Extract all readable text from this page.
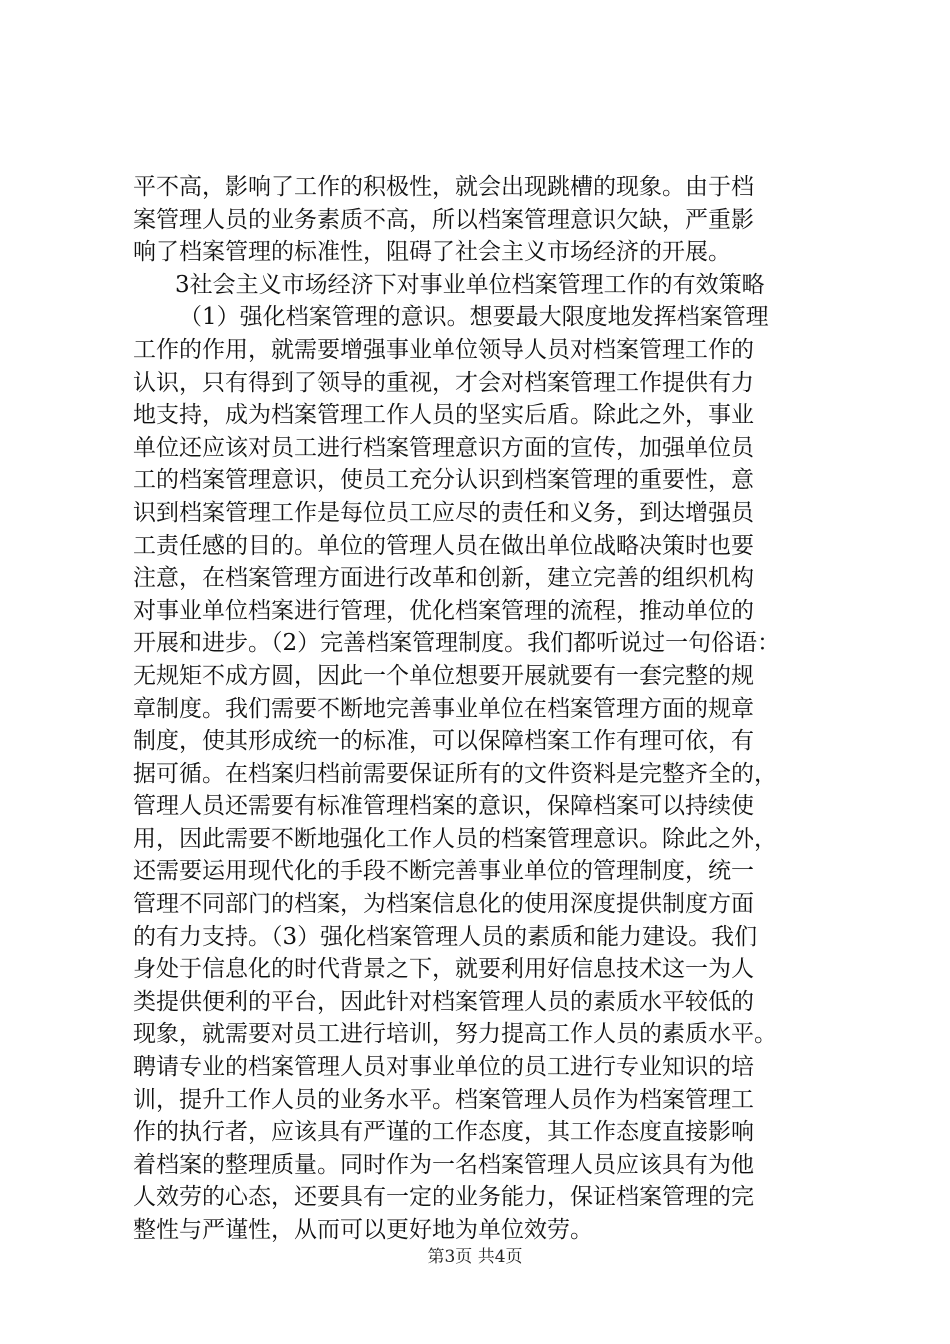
平不高，影响了工作的积极性，就会出现跳槽的现象。由于档
案管理人员的业务素质不高，所以档案管理意识欠缺，严重影
响了档案管理的标准性，阻碍了社会主义市场经济的开展。
3社会主义市场经济下对事业单位档案管理工作的有效策略
（1）强化档案管理的意识。想要最大限度地发挥档案管理
工作的作用，就需要增强事业单位领导人员对档案管理工作的
认识，只有得到了领导的重视，才会对档案管理工作提供有力
地支持，成为档案管理工作人员的坚实后盾。除此之外，事业
单位还应该对员工进行档案管理意识方面的宣传，加强单位员
工的档案管理意识，使员工充分认识到档案管理的重要性，意
识到档案管理工作是每位员工应尽的责任和义务，到达增强员
工责任感的目的。单位的管理人员在做出单位战略决策时也要
注意，在档案管理方面进行改革和创新，建立完善的组织机构
对事业单位档案进行管理，优化档案管理的流程，推动单位的
开展和进步。（2）完善档案管理制度。我们都听说过一句俗语：
无规矩不成方圆，因此一个单位想要开展就要有一套完整的规
章制度。我们需要不断地完善事业单位在档案管理方面的规章
制度，使其形成统一的标准，可以保障档案工作有理可依，有
据可循。在档案归档前需要保证所有的文件资料是完整齐全的，
管理人员还需要有标准管理档案的意识，保障档案可以持续使
用，因此需要不断地强化工作人员的档案管理意识。除此之外，
还需要运用现代化的手段不断完善事业单位的管理制度，统一
管理不同部门的档案，为档案信息化的使用深度提供制度方面
的有力支持。（3）强化档案管理人员的素质和能力建设。我们
身处于信息化的时代背景之下，就要利用好信息技术这一为人
类提供便利的平台，因此针对档案管理人员的素质水平较低的
现象，就需要对员工进行培训，努力提高工作人员的素质水平。
聘请专业的档案管理人员对事业单位的员工进行专业知识的培
训，提升工作人员的业务水平。档案管理人员作为档案管理工
作的执行者，应该具有严谨的工作态度，其工作态度直接影响
着档案的整理质量。同时作为一名档案管理人员应该具有为他
人效劳的心态，还要具有一定的业务能力，保证档案管理的完
整性与严谨性，从而可以更好地为单位效劳。
第3页 共4页
